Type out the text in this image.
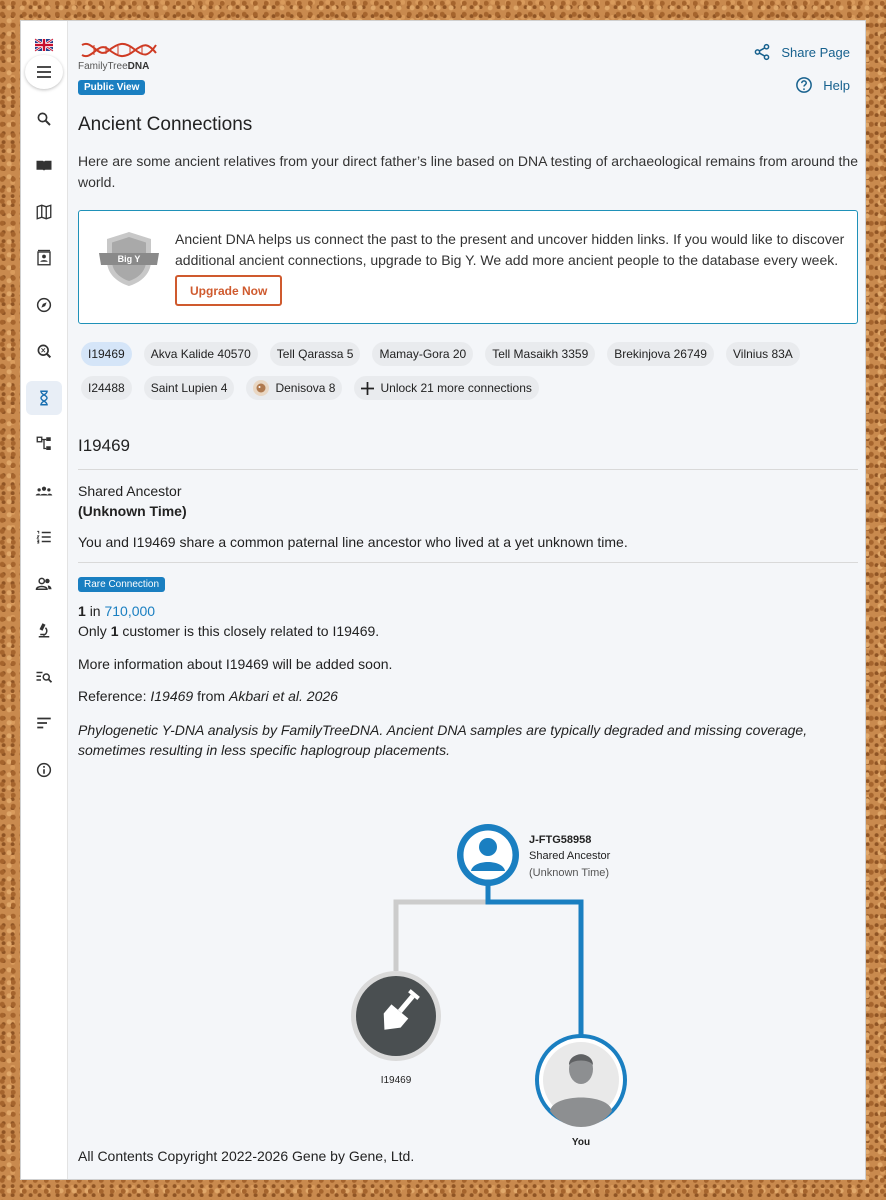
FamilyTreeDNA
Public View
Share Page
Help
Ancient Connections

Here are some ancient relatives from your direct father’s line based on DNA testing of archaeological remains from around the world.

Big Y

Ancient DNA helps us connect the past to the present and uncover hidden links. If you would like to discover additional ancient connections, upgrade to Big Y. We add more ancient people to the database every week.

Upgrade Now
I19469 Akva Kalide 40570 Tell Qarassa 5 Mamay-Gora 20 Tell Masaikh 3359 Brekinjova 26749 Vilnius 83A
I24488 Saint Lupien 4	Denisova 8	Unlock 21 more connections
I19469
Shared Ancestor
(Unknown Time)
You and I19469 share a common paternal line ancestor who lived at a yet unknown time.
Rare Connection
1 in 710,000
Only 1 customer is this closely related to I19469.
More information about I19469 will be added soon.
Reference: I19469 from Akbari et al. 2026
Phylogenetic Y-DNA analysis by FamilyTreeDNA. Ancient DNA samples are typically degraded and missing coverage, sometimes resulting in less specific haplogroup placements.
J-FTG58958
Shared Ancestor
(Unknown Time)
I19469
You
All Contents Copyright 2022-2026 Gene by Gene, Ltd.
